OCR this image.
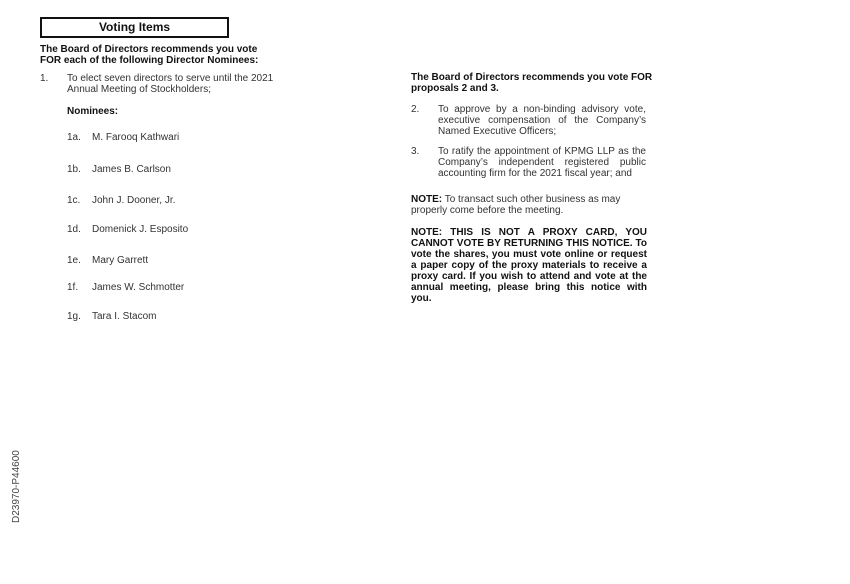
Voting Items
The Board of Directors recommends you vote FOR each of the following Director Nominees:
1. To elect seven directors to serve until the 2021 Annual Meeting of Stockholders;
Nominees:
1a. M. Farooq Kathwari
1b. James B. Carlson
1c. John J. Dooner, Jr.
1d. Domenick J. Esposito
1e. Mary Garrett
1f. James W. Schmotter
1g. Tara I. Stacom
The Board of Directors recommends you vote FOR proposals 2 and 3.
2. To approve by a non-binding advisory vote, executive compensation of the Company’s Named Executive Officers;
3. To ratify the appointment of KPMG LLP as the Company’s independent registered public accounting firm for the 2021 fiscal year; and
NOTE: To transact such other business as may properly come before the meeting.
NOTE: THIS IS NOT A PROXY CARD, YOU CANNOT VOTE BY RETURNING THIS NOTICE. To vote the shares, you must vote online or request a paper copy of the proxy materials to receive a proxy card. If you wish to attend and vote at the annual meeting, please bring this notice with you.
D23970-P44600
